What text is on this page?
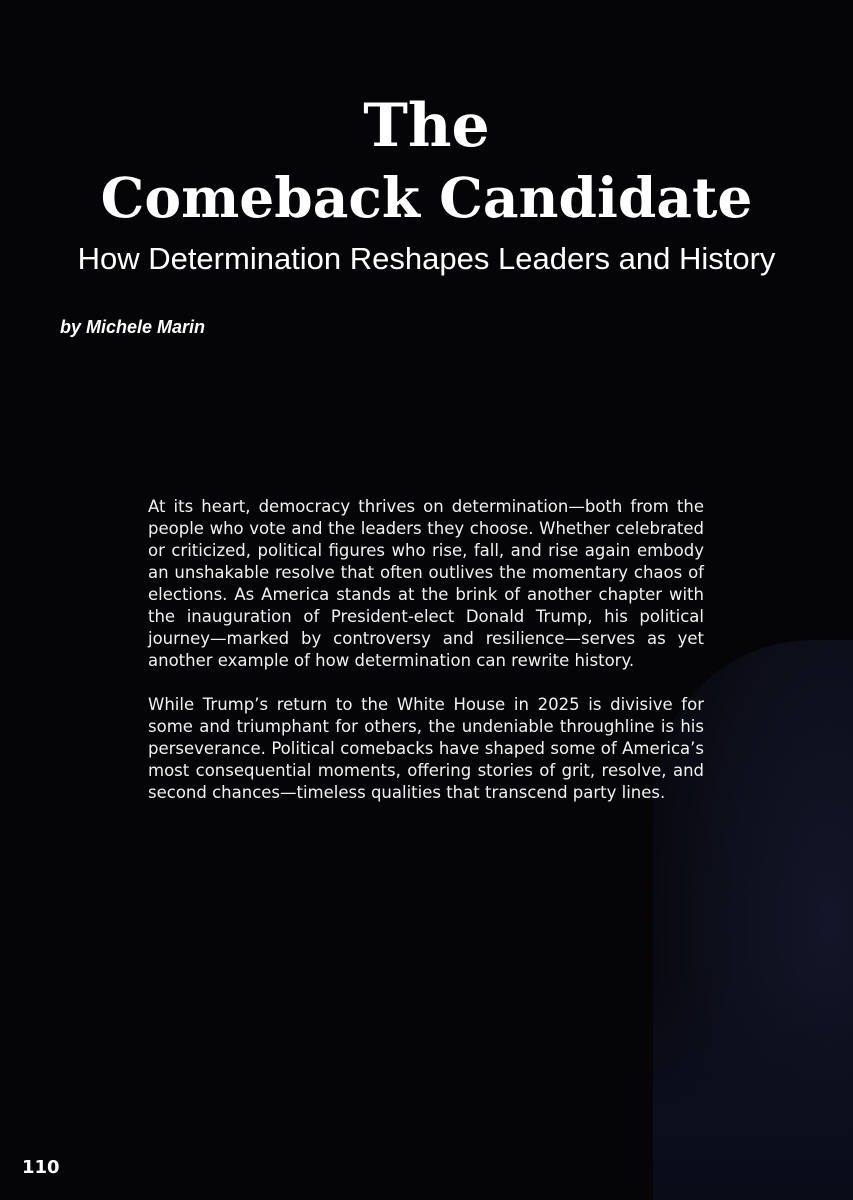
The
Comeback Candidate

How Determination Reshapes Leaders and History

by Michele Marin

At its heart, democracy thrives on determination—both from the people who vote and the leaders they choose. Whether celebrated or criticized, political figures who rise, fall, and rise again embody an unshakable resolve that often outlives the momentary chaos of elections. As America stands at the brink of another chapter with the inauguration of President-elect Donald Trump, his political journey—marked by controversy and resilience—serves as yet another example of how determination can rewrite history.

While Trump’s return to the White House in 2025 is divisive for some and triumphant for others, the undeniable throughline is his perseverance. Political comebacks have shaped some of America’s most consequential moments, offering stories of grit, resolve, and second chances—timeless qualities that transcend party lines.

110
